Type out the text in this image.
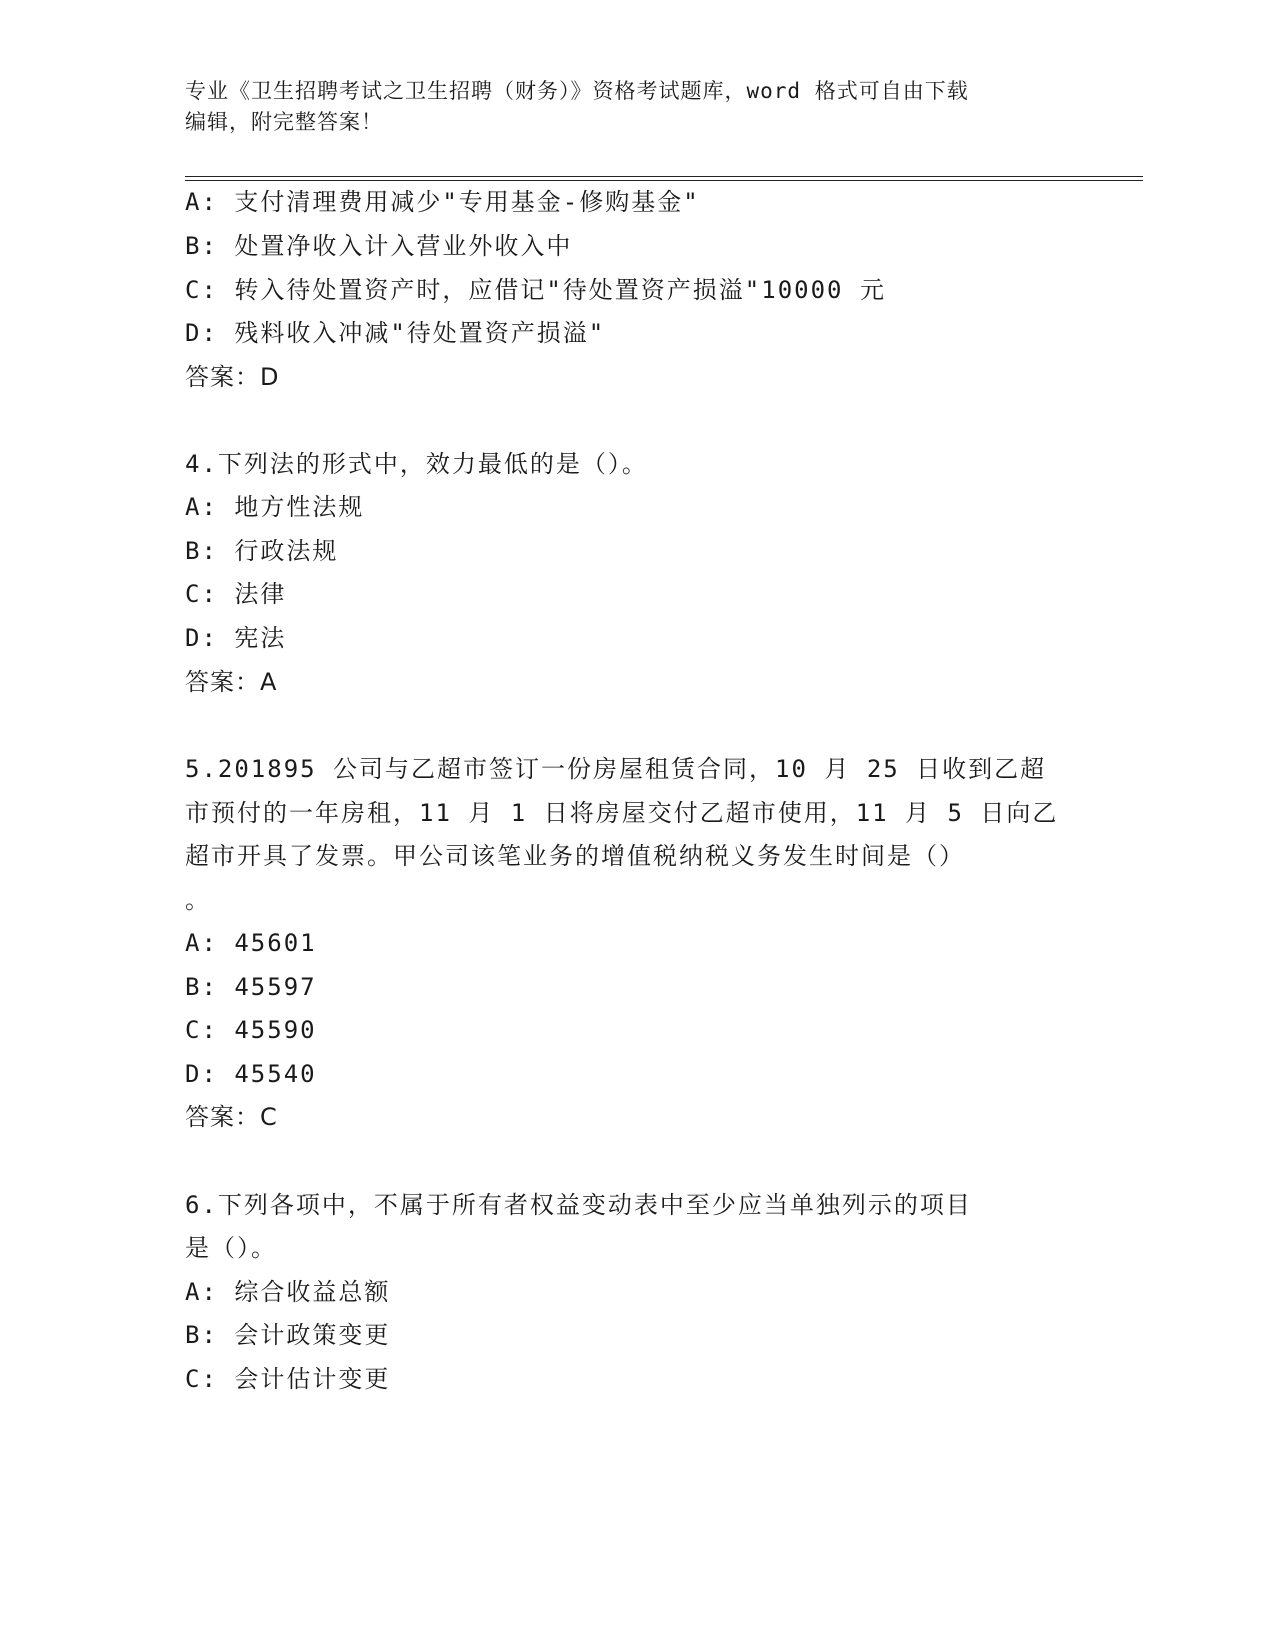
专业《卫生招聘考试之卫生招聘（财务）》资格考试题库，word 格式可自由下载
编辑，附完整答案！
A: 支付清理费用减少"专用基金-修购基金"
B: 处置净收入计入营业外收入中
C: 转入待处置资产时，应借记"待处置资产损溢"10000 元
D: 残料收入冲减"待处置资产损溢"
答案：D
4.下列法的形式中，效力最低的是（）。
A: 地方性法规
B: 行政法规
C: 法律
D: 宪法
答案：A
5.201895 公司与乙超市签订一份房屋租赁合同，10 月 25 日收到乙超
市预付的一年房租，11 月 1 日将房屋交付乙超市使用，11 月 5 日向乙
超市开具了发票。甲公司该笔业务的增值税纳税义务发生时间是（）
。
A: 45601
B: 45597
C: 45590
D: 45540
答案：C
6.下列各项中，不属于所有者权益变动表中至少应当单独列示的项目
是（）。
A: 综合收益总额
B: 会计政策变更
C: 会计估计变更
